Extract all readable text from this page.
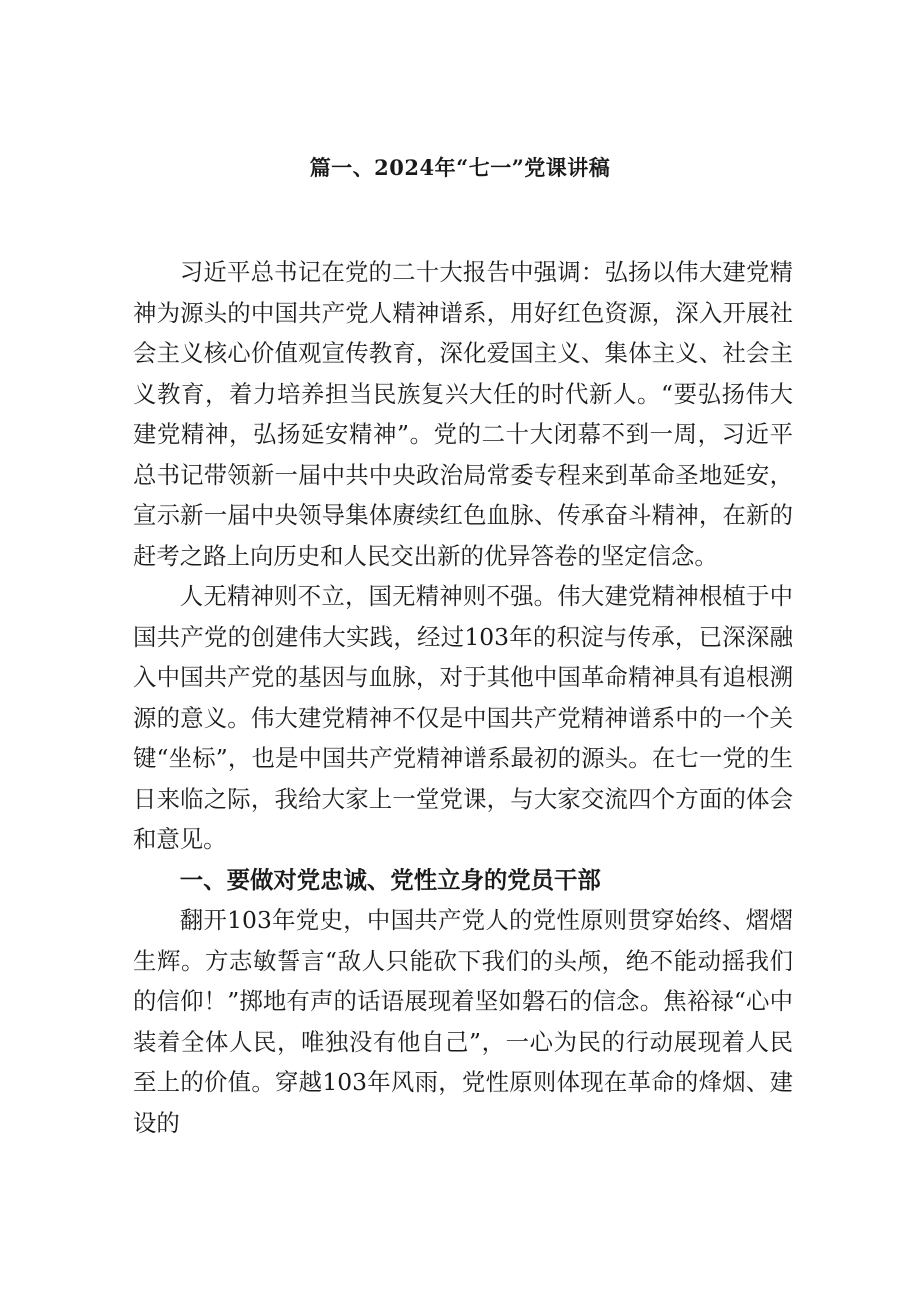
篇一、2024年“七一”党课讲稿

习近平总书记在党的二十大报告中强调：弘扬以伟大建党精神为源头的中国共产党人精神谱系，用好红色资源，深入开展社会主义核心价值观宣传教育，深化爱国主义、集体主义、社会主义教育，着力培养担当民族复兴大任的时代新人。“要弘扬伟大建党精神，弘扬延安精神”。党的二十大闭幕不到一周，习近平总书记带领新一届中共中央政治局常委专程来到革命圣地延安，宣示新一届中央领导集体赓续红色血脉、传承奋斗精神，在新的赶考之路上向历史和人民交出新的优异答卷的坚定信念。

人无精神则不立，国无精神则不强。伟大建党精神根植于中国共产党的创建伟大实践，经过103年的积淀与传承，已深深融入中国共产党的基因与血脉，对于其他中国革命精神具有追根溯源的意义。伟大建党精神不仅是中国共产党精神谱系中的一个关键“坐标”，也是中国共产党精神谱系最初的源头。在七一党的生日来临之际，我给大家上一堂党课，与大家交流四个方面的体会和意见。

一、要做对党忠诚、党性立身的党员干部

翻开103年党史，中国共产党人的党性原则贯穿始终、熠熠生辉。方志敏誓言“敌人只能砍下我们的头颅，绝不能动摇我们的信仰！”掷地有声的话语展现着坚如磐石的信念。焦裕禄“心中装着全体人民，唯独没有他自己”，一心为民的行动展现着人民至上的价值。穿越103年风雨，党性原则体现在革命的烽烟、建设的
